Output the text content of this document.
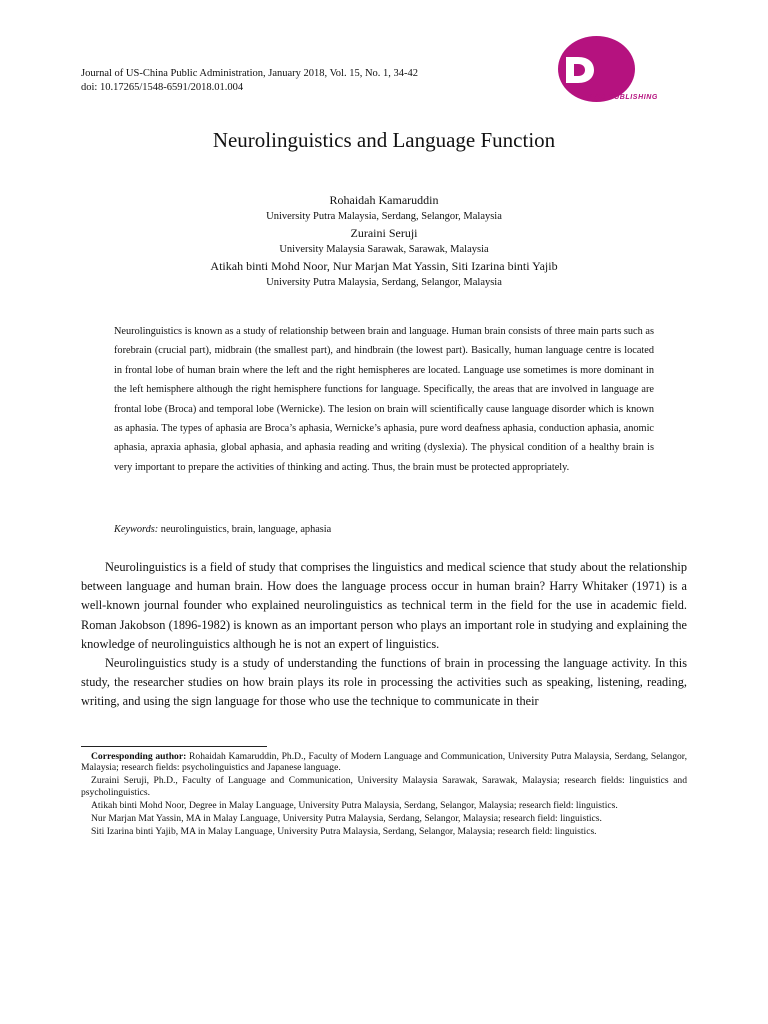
Journal of US-China Public Administration, January 2018, Vol. 15, No. 1, 34-42
doi: 10.17265/1548-6591/2018.01.004
DAVID PUBLISHING
Neurolinguistics and Language Function
Rohaidah Kamaruddin
University Putra Malaysia, Serdang, Selangor, Malaysia
Zuraini Seruji
University Malaysia Sarawak, Sarawak, Malaysia
Atikah binti Mohd Noor, Nur Marjan Mat Yassin, Siti Izarina binti Yajib
University Putra Malaysia, Serdang, Selangor, Malaysia
Neurolinguistics is known as a study of relationship between brain and language. Human brain consists of three main parts such as forebrain (crucial part), midbrain (the smallest part), and hindbrain (the lowest part). Basically, human language centre is located in frontal lobe of human brain where the left and the right hemispheres are located. Language use sometimes is more dominant in the left hemisphere although the right hemisphere functions for language. Specifically, the areas that are involved in language are frontal lobe (Broca) and temporal lobe (Wernicke). The lesion on brain will scientifically cause language disorder which is known as aphasia. The types of aphasia are Broca’s aphasia, Wernicke’s aphasia, pure word deafness aphasia, conduction aphasia, anomic aphasia, apraxia aphasia, global aphasia, and aphasia reading and writing (dyslexia). The physical condition of a healthy brain is very important to prepare the activities of thinking and acting. Thus, the brain must be protected appropriately.
Keywords: neurolinguistics, brain, language, aphasia

Neurolinguistics is a field of study that comprises the linguistics and medical science that study about the relationship between language and human brain. How does the language process occur in human brain? Harry Whitaker (1971) is a well-known journal founder who explained neurolinguistics as technical term in the field for the use in academic field. Roman Jakobson (1896-1982) is known as an important person who plays an important role in studying and explaining the knowledge of neurolinguistics although he is not an expert of linguistics.

Neurolinguistics study is a study of understanding the functions of brain in processing the language activity. In this study, the researcher studies on how brain plays its role in processing the activities such as speaking, listening, reading, writing, and using the sign language for those who use the technique to communicate in their

Corresponding author: Rohaidah Kamaruddin, Ph.D., Faculty of Modern Language and Communication, University Putra Malaysia, Serdang, Selangor, Malaysia; research fields: psycholinguistics and Japanese language.

Zuraini Seruji, Ph.D., Faculty of Language and Communication, University Malaysia Sarawak, Sarawak, Malaysia; research fields: linguistics and psycholinguistics.

Atikah binti Mohd Noor, Degree in Malay Language, University Putra Malaysia, Serdang, Selangor, Malaysia; research field: linguistics.

Nur Marjan Mat Yassin, MA in Malay Language, University Putra Malaysia, Serdang, Selangor, Malaysia; research field: linguistics.

Siti Izarina binti Yajib, MA in Malay Language, University Putra Malaysia, Serdang, Selangor, Malaysia; research field: linguistics.
